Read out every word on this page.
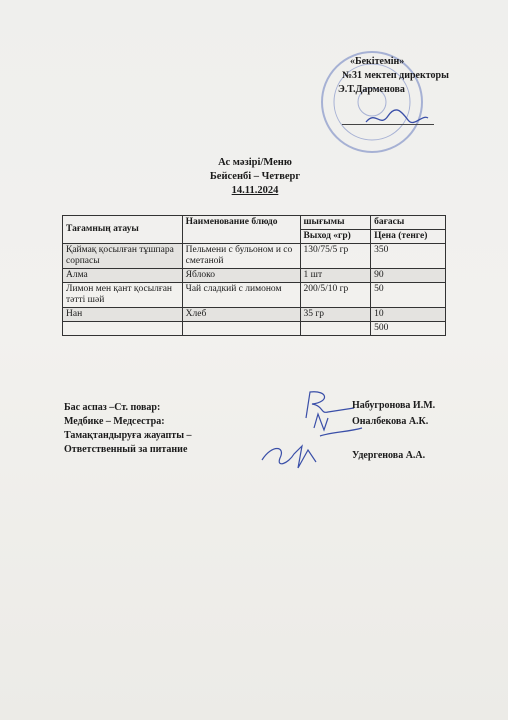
«Бекітемін»
№31 мектеп директоры
Э.Т.Дарменова
Ас мәзірі/Меню
Бейсенбі – Четверг
14.11.2024
Тағамның атауы	Наименование блюдо	шығымы	бағасы
		Выход «гр)	Цена (тенге)
Қаймақ қосылған тұшпара сорпасы	Пельмени с бульоном и со сметаной	130/75/5 гр	350
Алма	Яблоко	1 шт	90
Лимон мен қант қосылған тәтті шәй	Чай сладкий с лимоном	200/5/10 гр	50
Нан	Хлеб	35 гр	10
			500
Бас аспаз –Ст. повар:
Медбике – Медсестра:
Тамақтандыруға жауапты –
Ответственный за питание
Набугронова И.М.
Оналбекова А.К.
Удергенова А.А.
